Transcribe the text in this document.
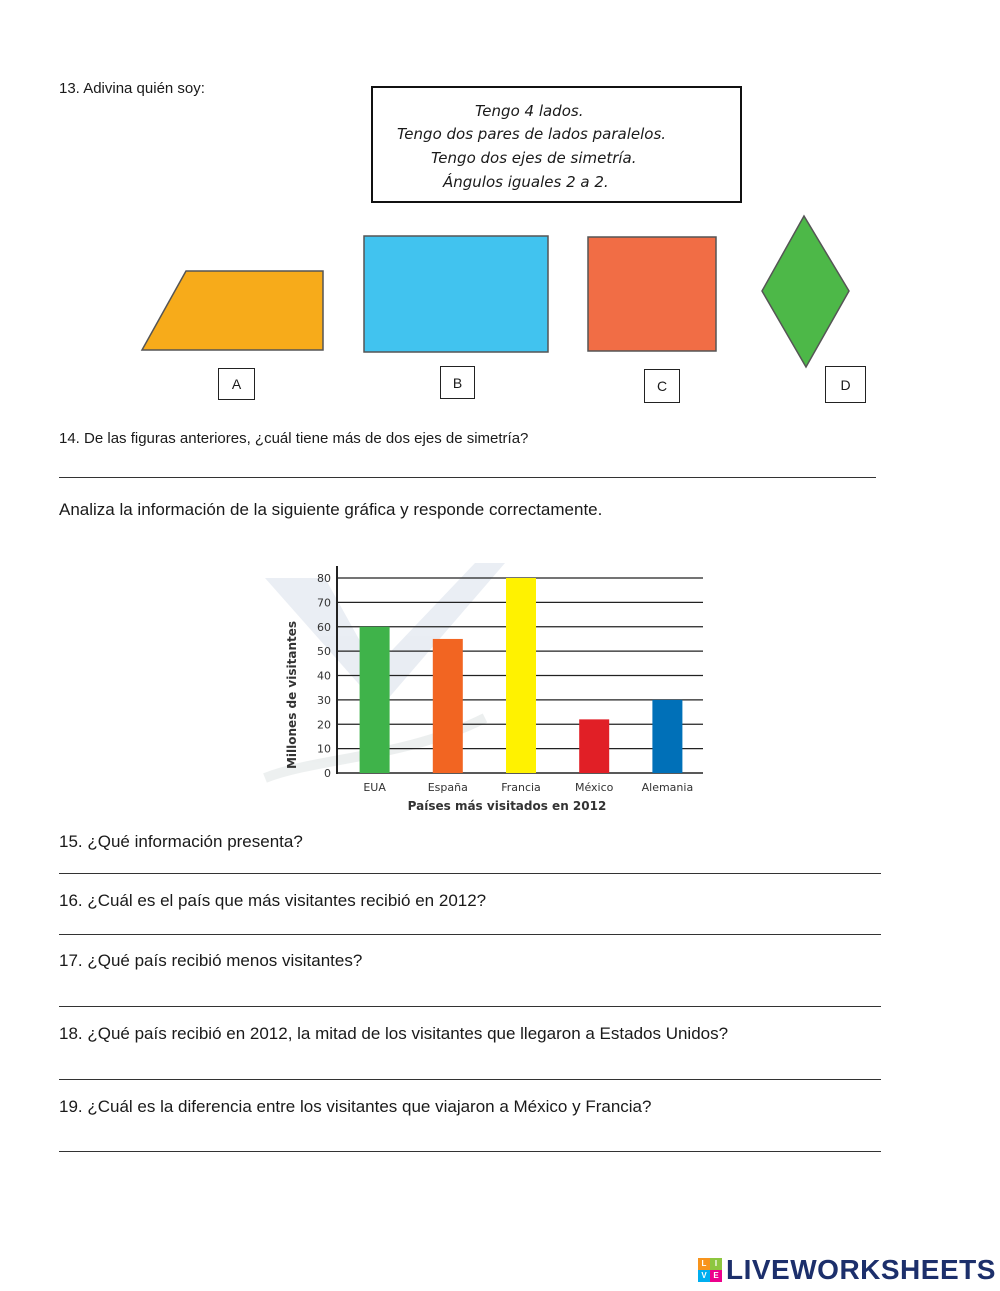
13. Adivina quién soy:
Tengo 4 lados.
Tengo dos pares de lados paralelos.
Tengo dos ejes de simetría.
Ángulos iguales 2 a 2.
A	B	C	D
14. De las figuras anteriores, ¿cuál tiene más de dos ejes de simetría?
Analiza la información de la siguiente gráfica y responde correctamente.
0
10
20
30
40
50
60
70
80
EUA	España	Francia	México	Alemania
Millones de visitantes
Países más visitados en 2012
15. ¿Qué información presenta?
16. ¿Cuál es el país que más visitantes recibió en 2012?
17. ¿Qué país recibió menos visitantes?
18. ¿Qué país recibió en 2012, la mitad de los visitantes que llegaron a Estados Unidos?
19. ¿Cuál es la diferencia entre los visitantes que viajaron a México y Francia?
L	I
V E LIVEWORKSHEETS
